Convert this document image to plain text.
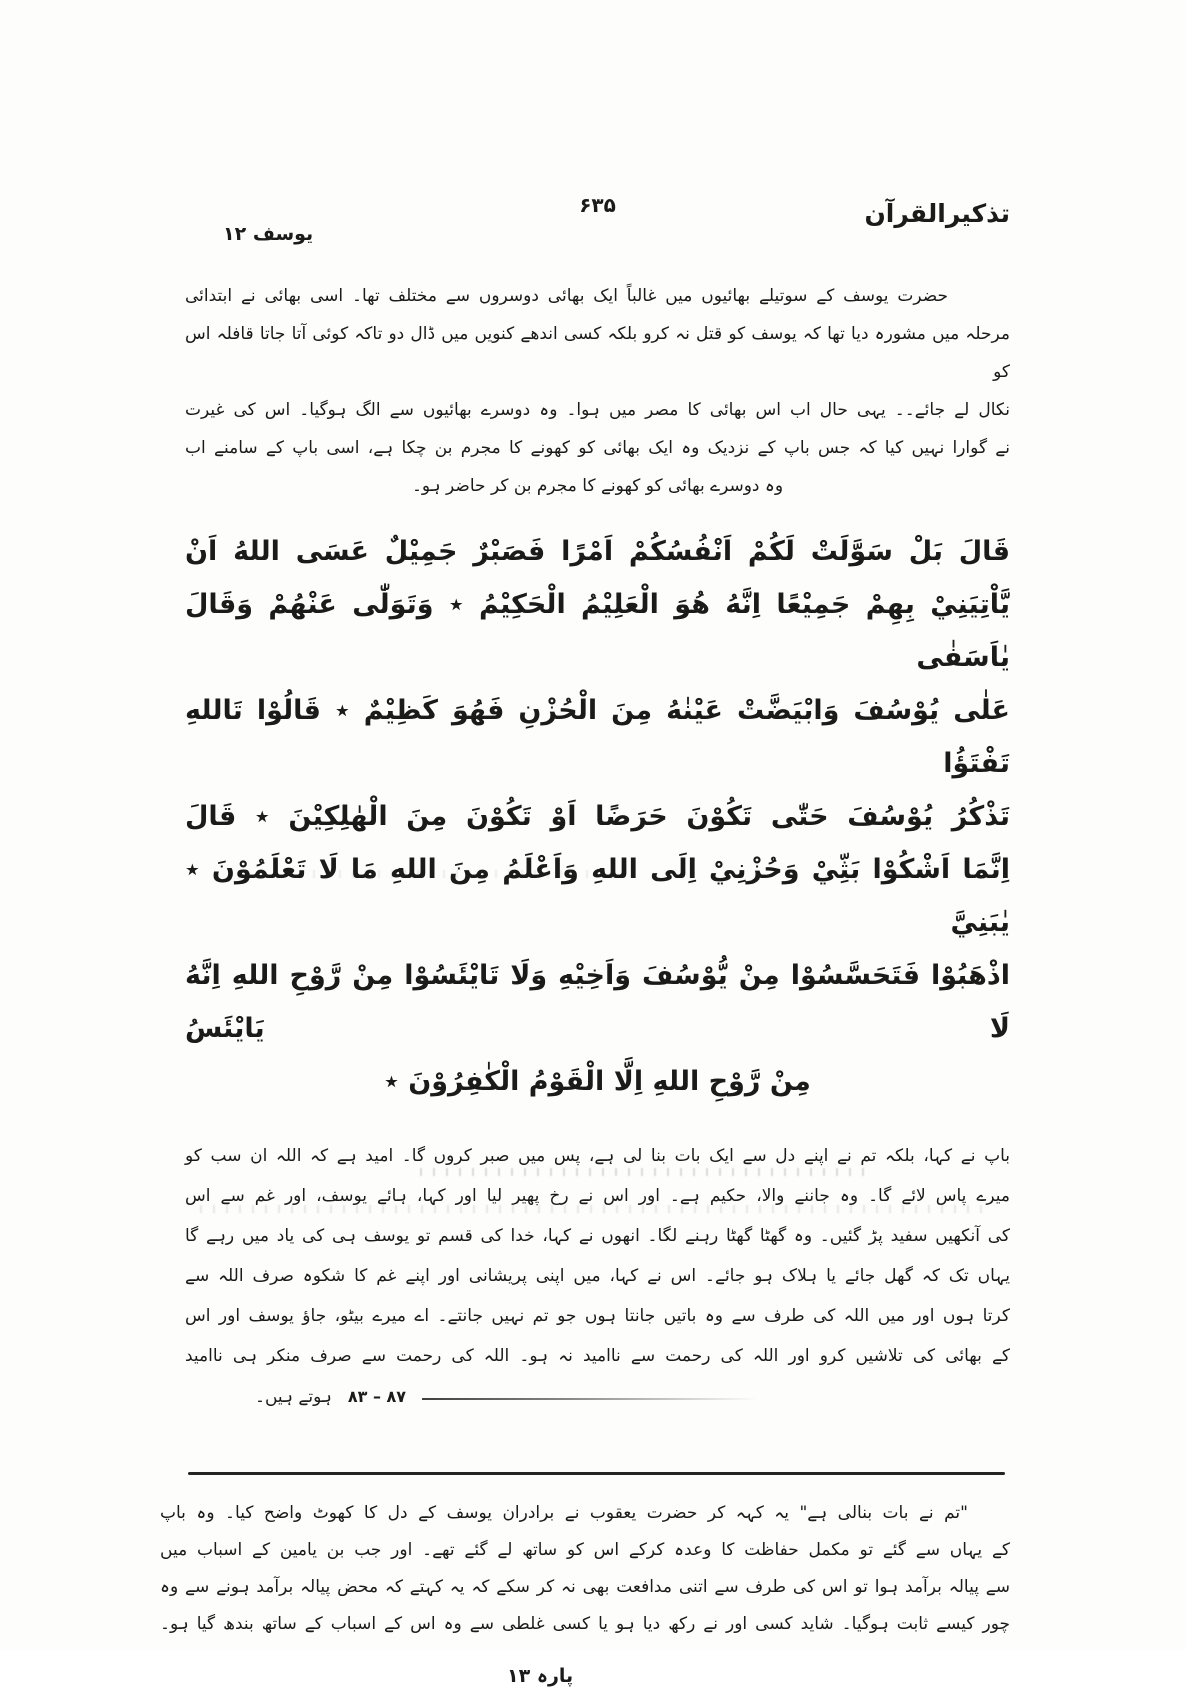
تذکیرالقرآن
۶۳۵
یوسف ۱۲
حضرت یوسف کے سوتیلے بھائیوں میں غالباً ایک بھائی دوسروں سے مختلف تھا۔ اسی بھائی نے ابتدائی
مرحلہ میں مشورہ دیا تھا کہ یوسف کو قتل نہ کرو بلکہ کسی اندھے کنویں میں ڈال دو تاکہ کوئی آتا جاتا قافلہ اس کو
نکال لے جائے۔۔ یہی حال اب اس بھائی کا مصر میں ہوا۔ وہ دوسرے بھائیوں سے الگ ہوگیا۔ اس کی غیرت
نے گوارا نہیں کیا کہ جس باپ کے نزدیک وہ ایک بھائی کو کھونے کا مجرم بن چکا ہے، اسی باپ کے سامنے اب
وہ دوسرے بھائی کو کھونے کا مجرم بن کر حاضر ہو۔
قَالَ بَلْ سَوَّلَتْ لَكُمْ اَنْفُسُكُمْ اَمْرًا فَصَبْرٌ جَمِيْلٌ عَسَى اللهُ اَنْ
يَّاْتِيَنِيْ بِهِمْ جَمِيْعًا اِنَّهُ هُوَ الْعَلِيْمُ الْحَكِيْمُ ٭ وَتَوَلّٰى عَنْهُمْ وَقَالَ يٰاَسَفٰى
عَلٰى يُوْسُفَ وَابْيَضَّتْ عَيْنٰهُ مِنَ الْحُزْنِ فَهُوَ كَظِيْمٌ ٭ قَالُوْا تَاللهِ تَفْتَؤُا
تَذْكُرُ يُوْسُفَ حَتّٰى تَكُوْنَ حَرَضًا اَوْ تَكُوْنَ مِنَ الْهٰلِكِيْنَ ٭ قَالَ
اِنَّمَا اَشْكُوْا بَثِّيْ وَحُزْنِيْ اِلَى اللهِ وَاَعْلَمُ مِنَ اللهِ مَا لَا تَعْلَمُوْنَ ٭ يٰبَنِيَّ
اذْهَبُوْا فَتَحَسَّسُوْا مِنْ يُّوْسُفَ وَاَخِيْهِ وَلَا تَايْئَسُوْا مِنْ رَّوْحِ اللهِ اِنَّهُ لَا يَايْئَسُ
مِنْ رَّوْحِ اللهِ اِلَّا الْقَوْمُ الْكٰفِرُوْنَ ٭
باپ نے کہا، بلکہ تم نے اپنے دل سے ایک بات بنا لی ہے، پس میں صبر کروں گا۔ امید ہے کہ اللہ ان سب کو
میرے پاس لائے گا۔ وہ جاننے والا، حکیم ہے۔ اور اس نے رخ پھیر لیا اور کہا، ہائے یوسف، اور غم سے اس
کی آنکھیں سفید پڑ گئیں۔ وہ گھٹا گھٹا رہنے لگا۔ انھوں نے کہا، خدا کی قسم تو یوسف ہی کی یاد میں رہے گا
یہاں تک کہ گھل جائے یا ہلاک ہو جائے۔ اس نے کہا، میں اپنی پریشانی اور اپنے غم کا شکوہ صرف اللہ سے
کرتا ہوں اور میں اللہ کی طرف سے وہ باتیں جانتا ہوں جو تم نہیں جانتے۔ اے میرے بیٹو، جاؤ یوسف اور اس
کے بھائی کی تلاشیں کرو اور اللہ کی رحمت سے ناامید نہ ہو۔ اللہ کی رحمت سے صرف منکر ہی ناامید
ہوتے ہیں۔ ۸۳ – ۸۷
"تم نے بات بنالی ہے" یہ کہہ کر حضرت یعقوب نے برادران یوسف کے دل کا کھوٹ واضح کیا۔ وہ باپ
کے یہاں سے گئے تو مکمل حفاظت کا وعدہ کرکے اس کو ساتھ لے گئے تھے۔ اور جب بن یامین کے اسباب میں
سے پیالہ برآمد ہوا تو اس کی طرف سے اتنی مدافعت بھی نہ کر سکے کہ یہ کہتے کہ محض پیالہ برآمد ہونے سے وہ
چور کیسے ثابت ہوگیا۔ شاید کسی اور نے رکھ دیا ہو یا کسی غلطی سے وہ اس کے اسباب کے ساتھ بندھ گیا ہو۔
پارہ ۱۳
